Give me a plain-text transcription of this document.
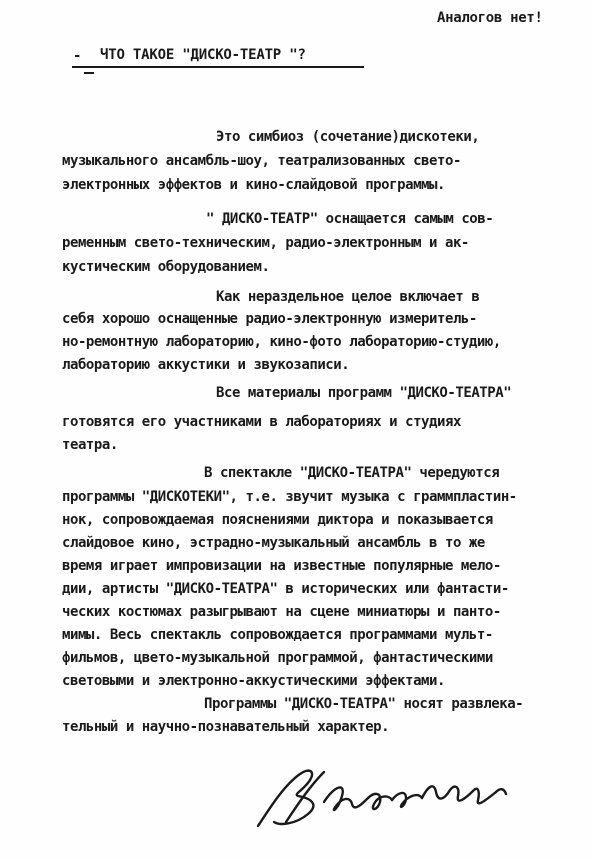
Аналогов нет!
- ЧТО ТАКОЕ "ДИСКО-ТЕАТР "?
Это симбиоз (сочетание)дискотеки,
музыкального ансамбль-шоу, театрализованных свето-
электронных эффектов и кино-слайдовой программы.
" ДИСКО-ТЕАТР" оснащается самым сов-
ременным свето-техническим, радио-электронным и ак-
кустическим оборудованием.
Как нераздельное целое включает в
себя хорошо оснащенные радио-электронную измеритель-
но-ремонтную лабораторию, кино-фото лабораторию-студию,
лабораторию аккустики и звукозаписи.
Все материалы программ "ДИСКО-ТЕАТРА"
готовятся его участниками в лабораториях и студиях
театра.
В спектакле "ДИСКО-ТЕАТРА" чередуются
программы "ДИСКОТЕКИ", т.е. звучит музыка с граммпластин-
нок, сопровождаемая пояснениями диктора и показывается
слайдовое кино, эстрадно-музыкальный ансамбль в то же
время играет импровизации на известные популярные мело-
дии, артисты "ДИСКО-ТЕАТРА" в исторических или фантасти-
ческих костюмах разыгрывают на сцене миниатюры и панто-
мимы. Весь спектакль сопровождается программами мульт-
фильмов, цвето-музыкальной программой, фантастическими
световыми и электронно-аккустическими эффектами.
Программы "ДИСКО-ТЕАТРА" носят развлека-
тельный и научно-познавательный характер.
